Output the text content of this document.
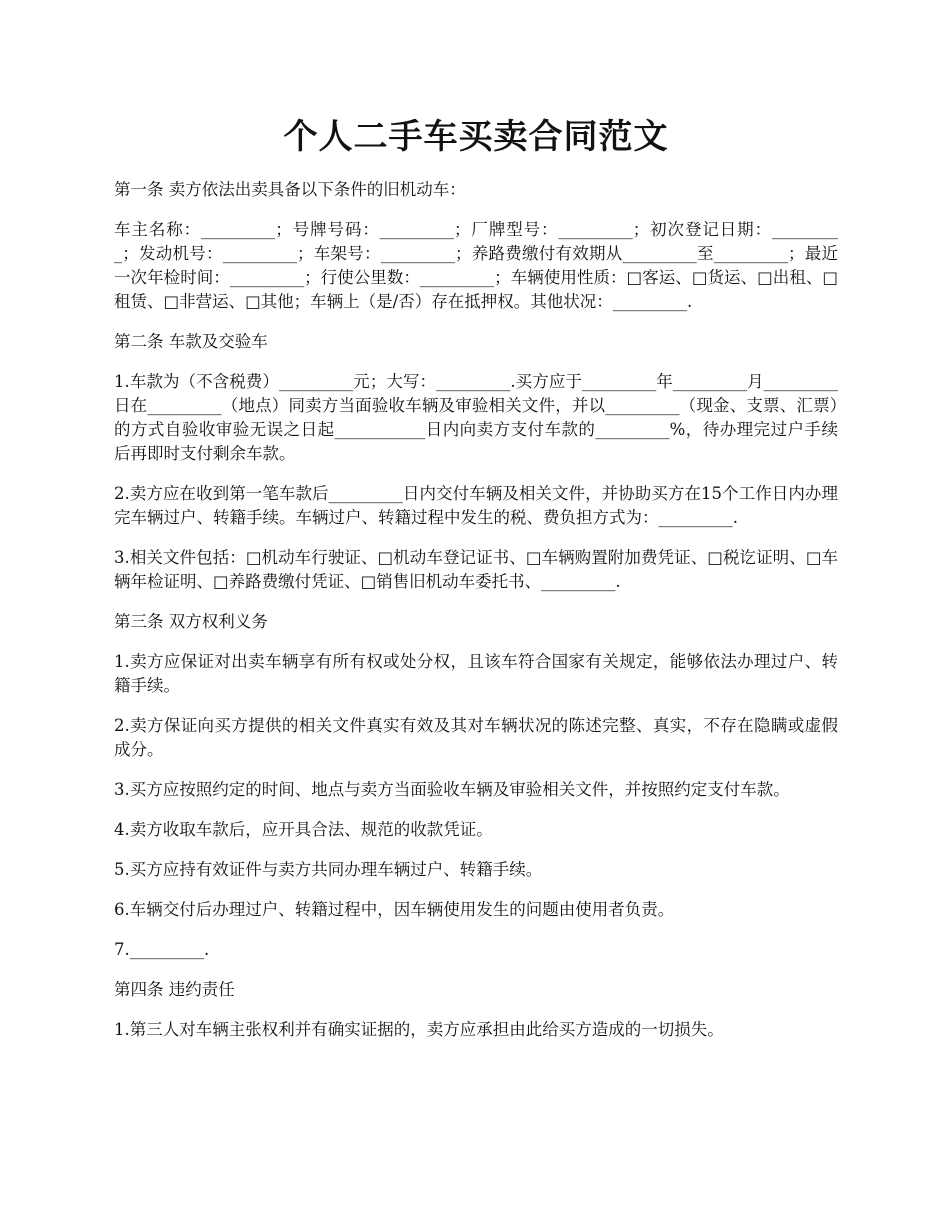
个人二手车买卖合同范文

第一条 卖方依法出卖具备以下条件的旧机动车：

车主名称：_________；号牌号码：_________；厂牌型号：_________；初次登记日期：_________；发动机号：_________；车架号：_________；养路费缴付有效期从_________至_________；最近一次年检时间：_________；行使公里数：_________；车辆使用性质：□客运、□货运、□出租、□租赁、□非营运、□其他；车辆上（是/否）存在抵押权。其他状况：_________.

第二条 车款及交验车

1.车款为（不含税费）_________元；大写：_________.买方应于_________年_________月_________日在_________（地点）同卖方当面验收车辆及审验相关文件，并以_________（现金、支票、汇票）的方式自验收审验无误之日起___________日内向卖方支付车款的_________%，待办理完过户手续后再即时支付剩余车款。

2.卖方应在收到第一笔车款后_________日内交付车辆及相关文件，并协助买方在15个工作日内办理完车辆过户、转籍手续。车辆过户、转籍过程中发生的税、费负担方式为：_________.

3.相关文件包括：□机动车行驶证、□机动车登记证书、□车辆购置附加费凭证、□税讫证明、□车辆年检证明、□养路费缴付凭证、□销售旧机动车委托书、_________.

第三条 双方权利义务

1.卖方应保证对出卖车辆享有所有权或处分权，且该车符合国家有关规定，能够依法办理过户、转籍手续。

2.卖方保证向买方提供的相关文件真实有效及其对车辆状况的陈述完整、真实，不存在隐瞒或虚假成分。

3.买方应按照约定的时间、地点与卖方当面验收车辆及审验相关文件，并按照约定支付车款。

4.卖方收取车款后，应开具合法、规范的收款凭证。

5.买方应持有效证件与卖方共同办理车辆过户、转籍手续。

6.车辆交付后办理过户、转籍过程中，因车辆使用发生的问题由使用者负责。

7._________.

第四条 违约责任

1.第三人对车辆主张权利并有确实证据的，卖方应承担由此给买方造成的一切损失。
